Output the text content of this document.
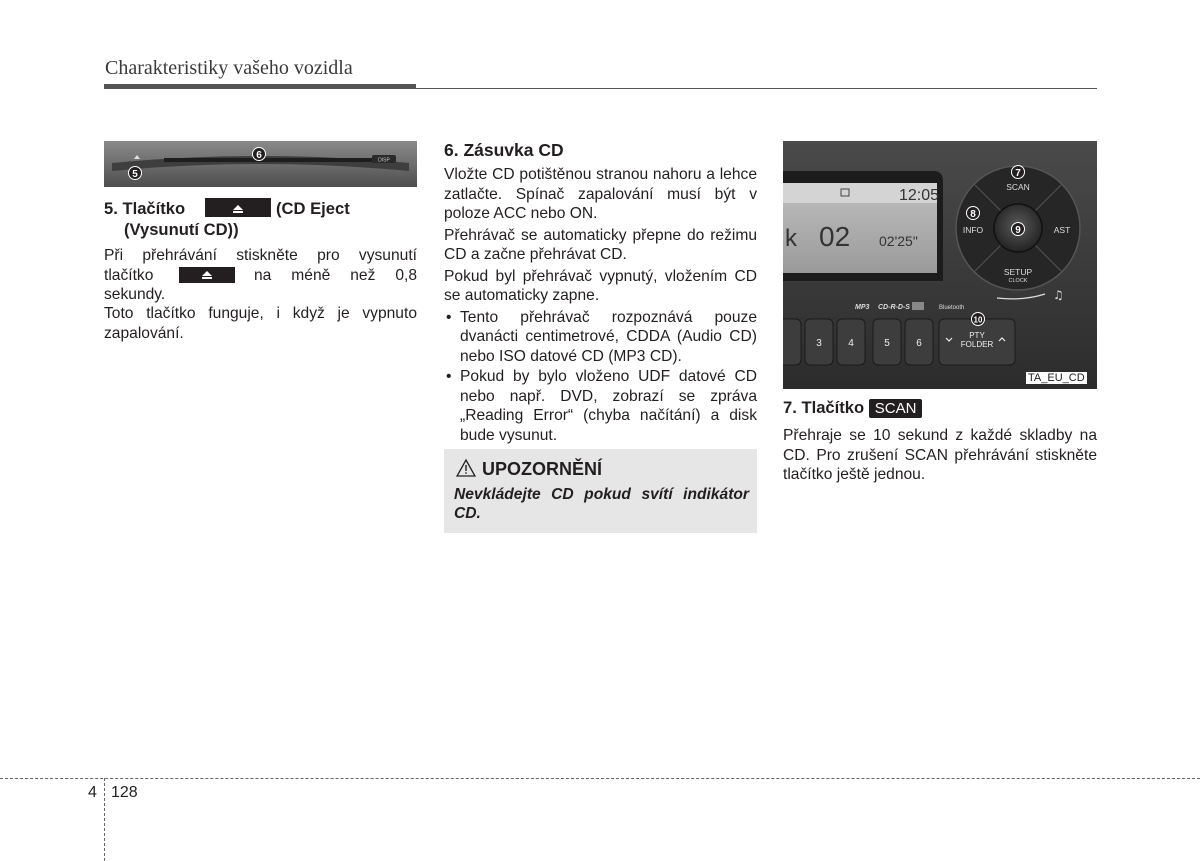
Charakteristiky vašeho vozidla
DISP
6
5
5. Tlačítko	(CD Eject
(Vysunutí CD))
Při přehrávání stiskněte pro vysunutí
tlačítko	na méně než 0,8
sekundy.

Toto tlačítko funguje, i když je vypnuto zapalování.

6. Zásuvka CD

Vložte CD potištěnou stranou nahoru a lehce zatlačte. Spínač zapalování musí být v poloze ACC nebo ON.

Přehrávač se automaticky přepne do režimu CD a začne přehrávat CD.

Pokud byl přehrávač vypnutý, vložením CD se automaticky zapne.

• Tento přehrávač rozpoznává pouze dvanácti centimetrové, CDDA (Audio CD) nebo ISO datové CD (MP3 CD).
• Pokud by bylo vloženo UDF datové CD nebo např. DVD, zobrazí se zpráva „Reading Error“ (chyba načítání) a disk bude vysunut.
UPOZORNĚNÍ
Nevkládejte CD pokud svítí indikátor CD.
12:05
k 02 02'25"
SCAN
INFO	AST
SETUP
CLOCK
♫
MP3 CD-R-D-S	Bluetooth
3	4	5	6
PTY
FOLDER
7
8
9
10
TA_EU_CD
7. Tlačítko SCAN

Přehraje se 10 sekund z každé skladby na CD. Pro zrušení SCAN přehrávání stiskněte tlačítko ještě jednou.

4 128
